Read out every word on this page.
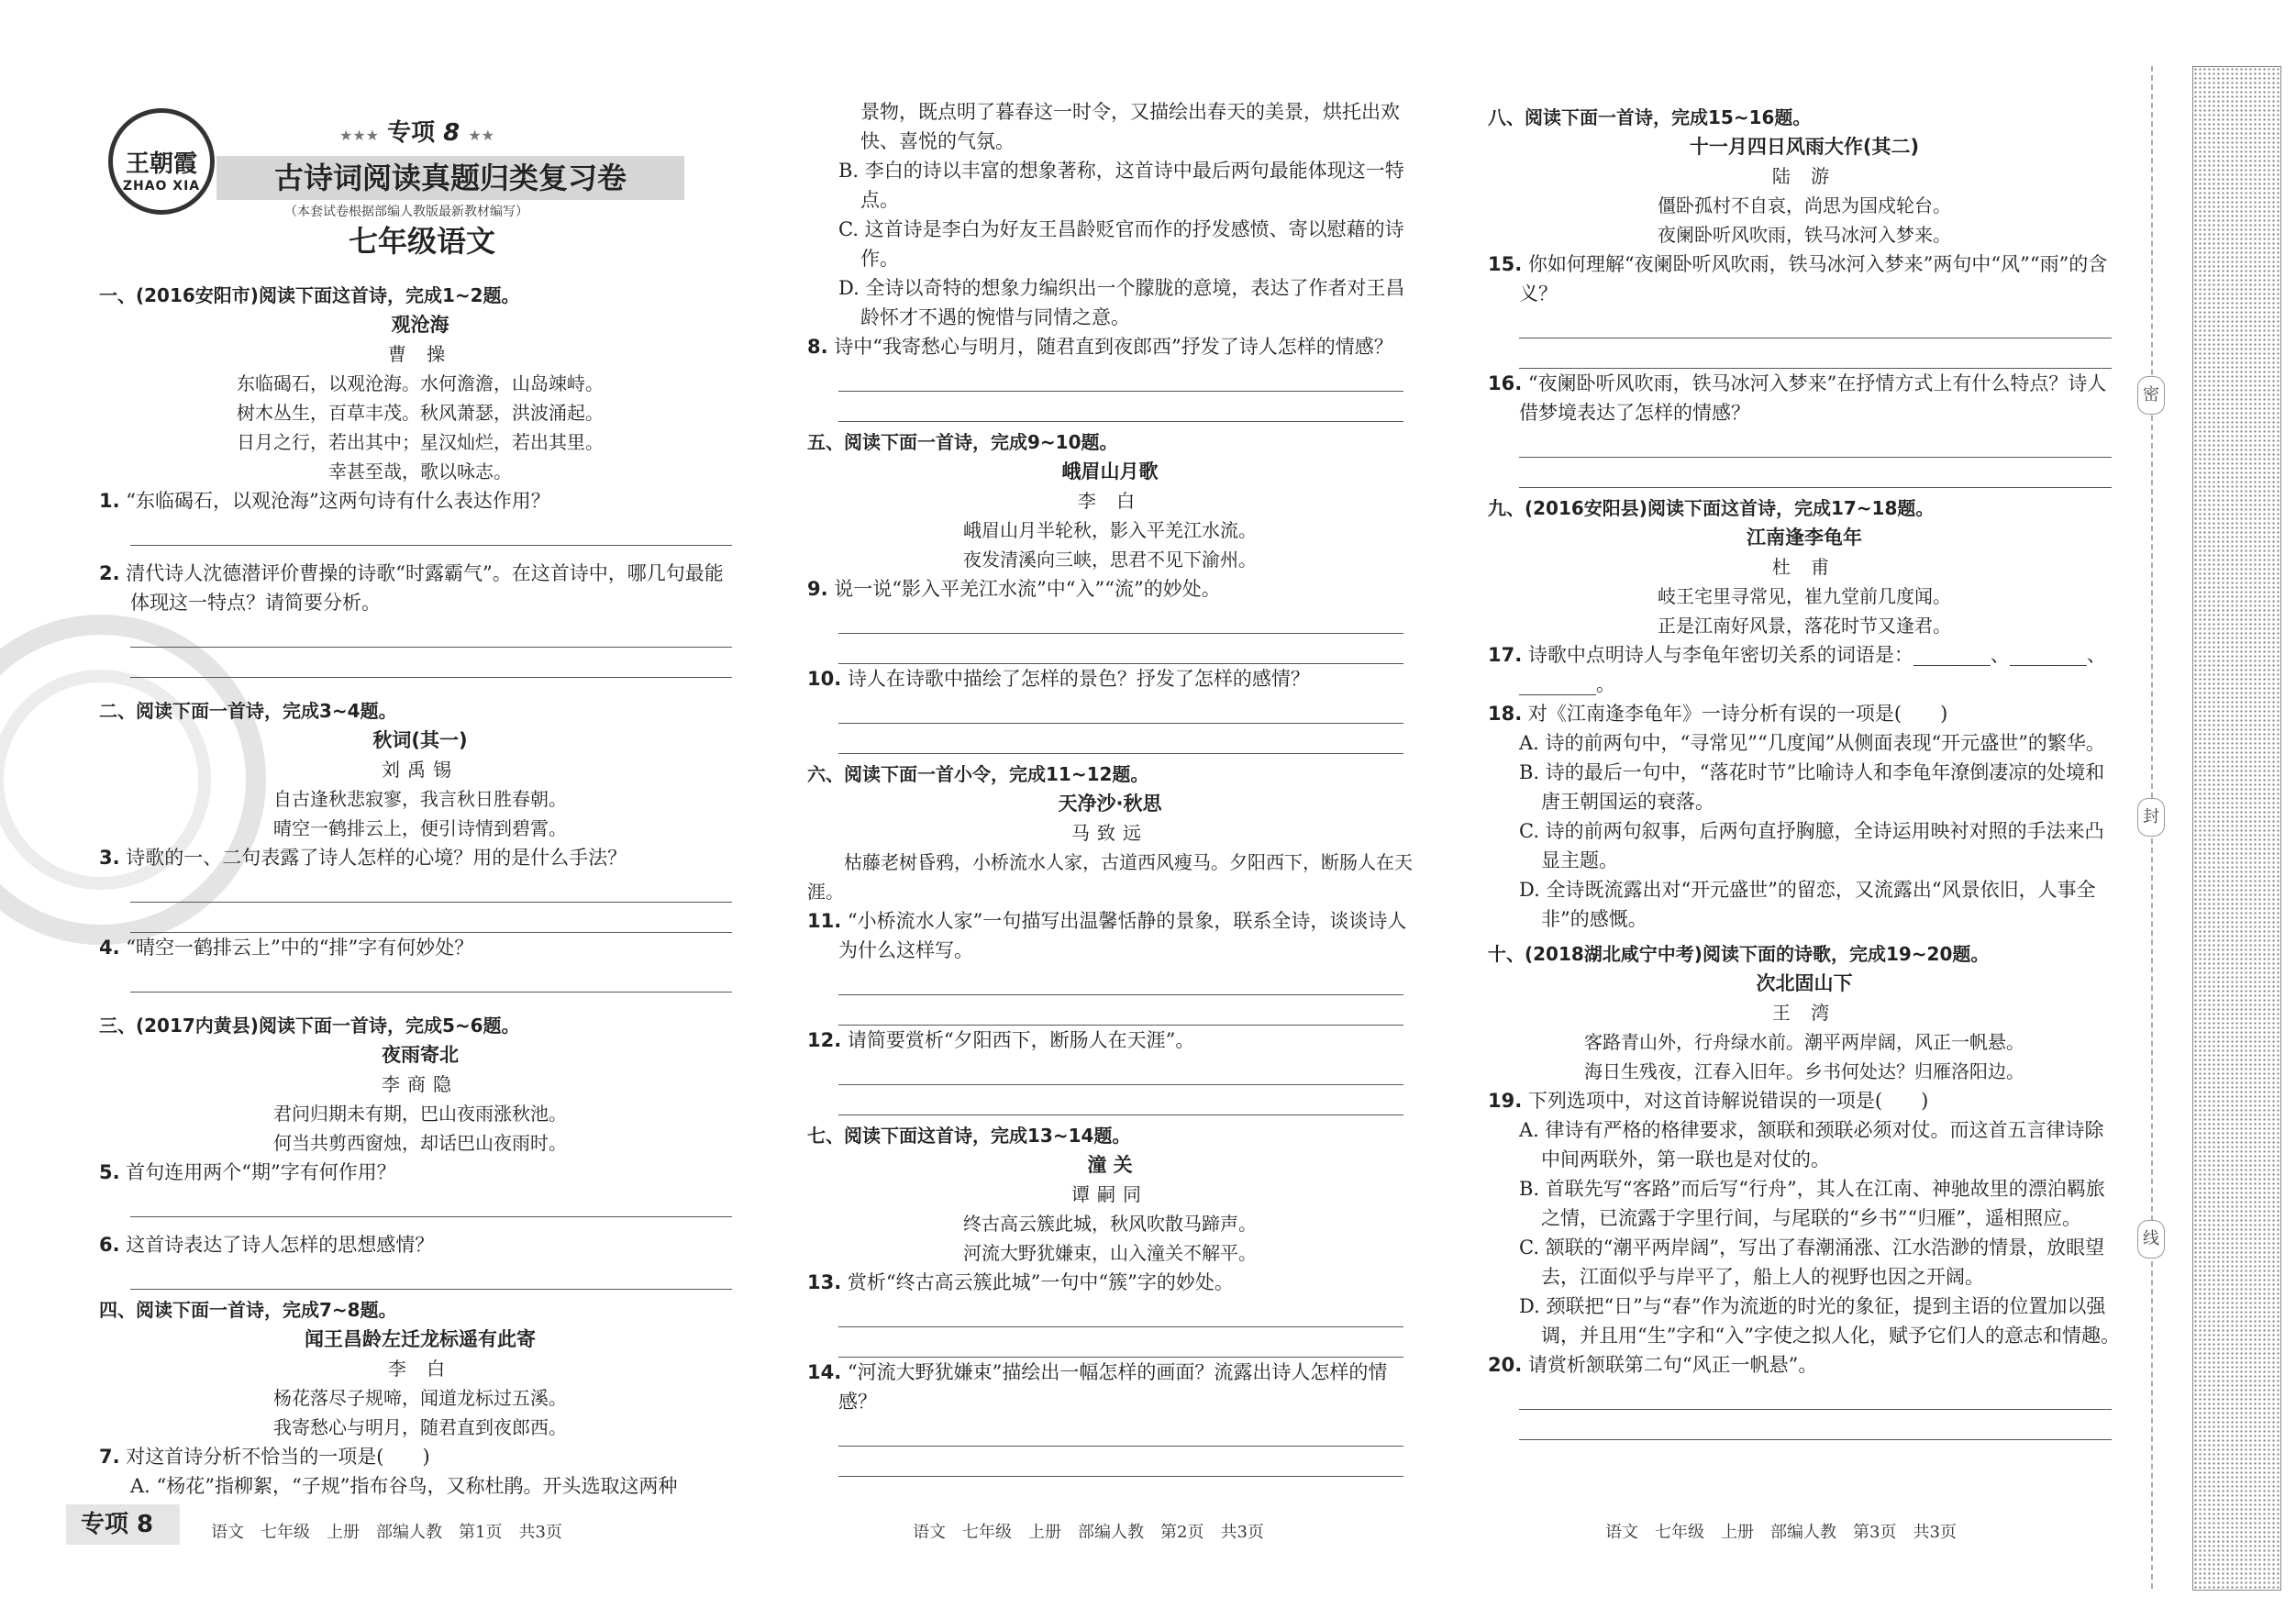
王朝霞
ZHAO XIA
★★★ 专项 8 ★★
古诗词阅读真题归类复习卷
（本套试卷根据部编人教版最新教材编写）
七年级语文
一、(2016安阳市)阅读下面这首诗，完成1~2题。
观沧海
曹 操
东临碣石，以观沧海。水何澹澹，山岛竦峙。
树木丛生，百草丰茂。秋风萧瑟，洪波涌起。
日月之行，若出其中；星汉灿烂，若出其里。
幸甚至哉，歌以咏志。
1. “东临碣石，以观沧海”这两句诗有什么表达作用？
2. 清代诗人沈德潜评价曹操的诗歌“时露霸气”。在这首诗中，哪几句最能体现这一特点？请简要分析。
二、阅读下面一首诗，完成3~4题。
秋词(其一)
刘禹锡
自古逢秋悲寂寥，我言秋日胜春朝。
晴空一鹤排云上，便引诗情到碧霄。
3. 诗歌的一、二句表露了诗人怎样的心境？用的是什么手法？
4. “晴空一鹤排云上”中的“排”字有何妙处？
三、(2017内黄县)阅读下面一首诗，完成5~6题。
夜雨寄北
李商隐
君问归期未有期，巴山夜雨涨秋池。
何当共剪西窗烛，却话巴山夜雨时。
5. 首句连用两个“期”字有何作用？
6. 这首诗表达了诗人怎样的思想感情？
四、阅读下面一首诗，完成7~8题。
闻王昌龄左迁龙标遥有此寄
李 白
杨花落尽子规啼，闻道龙标过五溪。
我寄愁心与明月，随君直到夜郎西。
7. 对这首诗分析不恰当的一项是(　　)
A. “杨花”指柳絮，“子规”指布谷鸟，又称杜鹃。开头选取这两种
景物，既点明了暮春这一时令，又描绘出春天的美景，烘托出欢快、喜悦的气氛。
B. 李白的诗以丰富的想象著称，这首诗中最后两句最能体现这一特点。
C. 这首诗是李白为好友王昌龄贬官而作的抒发感愤、寄以慰藉的诗作。
D. 全诗以奇特的想象力编织出一个朦胧的意境，表达了作者对王昌龄怀才不遇的惋惜与同情之意。
8. 诗中“我寄愁心与明月，随君直到夜郎西”抒发了诗人怎样的情感？
五、阅读下面一首诗，完成9~10题。
峨眉山月歌
李 白
峨眉山月半轮秋，影入平羌江水流。
夜发清溪向三峡，思君不见下渝州。
9. 说一说“影入平羌江水流”中“入”“流”的妙处。
10. 诗人在诗歌中描绘了怎样的景色？抒发了怎样的感情？
六、阅读下面一首小令，完成11~12题。
天净沙·秋思
马致远
枯藤老树昏鸦，小桥流水人家，古道西风瘦马。夕阳西下，断肠人在天涯。
11. “小桥流水人家”一句描写出温馨恬静的景象，联系全诗，谈谈诗人为什么这样写。
12. 请简要赏析“夕阳西下，断肠人在天涯”。
七、阅读下面这首诗，完成13~14题。
潼 关
谭嗣同
终古高云簇此城，秋风吹散马蹄声。
河流大野犹嫌束，山入潼关不解平。
13. 赏析“终古高云簇此城”一句中“簇”字的妙处。
14. “河流大野犹嫌束”描绘出一幅怎样的画面？流露出诗人怎样的情感？
八、阅读下面一首诗，完成15~16题。
十一月四日风雨大作(其二)
陆 游
僵卧孤村不自哀，尚思为国戍轮台。
夜阑卧听风吹雨，铁马冰河入梦来。
15. 你如何理解“夜阑卧听风吹雨，铁马冰河入梦来”两句中“风”“雨”的含义？
16. “夜阑卧听风吹雨，铁马冰河入梦来”在抒情方式上有什么特点？诗人借梦境表达了怎样的情感？
九、(2016安阳县)阅读下面这首诗，完成17~18题。
江南逢李龟年
杜 甫
岐王宅里寻常见，崔九堂前几度闻。
正是江南好风景，落花时节又逢君。
17. 诗歌中点明诗人与李龟年密切关系的词语是：________、________、________。
18. 对《江南逢李龟年》一诗分析有误的一项是(　　)
A. 诗的前两句中，“寻常见”“几度闻”从侧面表现“开元盛世”的繁华。
B. 诗的最后一句中，“落花时节”比喻诗人和李龟年潦倒凄凉的处境和唐王朝国运的衰落。
C. 诗的前两句叙事，后两句直抒胸臆，全诗运用映衬对照的手法来凸显主题。
D. 全诗既流露出对“开元盛世”的留恋，又流露出“风景依旧，人事全非”的感慨。
十、(2018湖北咸宁中考)阅读下面的诗歌，完成19~20题。
次北固山下
王 湾
客路青山外，行舟绿水前。潮平两岸阔，风正一帆悬。
海日生残夜，江春入旧年。乡书何处达？归雁洛阳边。
19. 下列选项中，对这首诗解说错误的一项是(　　)
A. 律诗有严格的格律要求，颔联和颈联必须对仗。而这首五言律诗除中间两联外，第一联也是对仗的。
B. 首联先写“客路”而后写“行舟”，其人在江南、神驰故里的漂泊羁旅之情，已流露于字里行间，与尾联的“乡书”“归雁”，遥相照应。
C. 颔联的“潮平两岸阔”，写出了春潮涌涨、江水浩渺的情景，放眼望去，江面似乎与岸平了，船上人的视野也因之开阔。
D. 颈联把“日”与“春”作为流逝的时光的象征，提到主语的位置加以强调，并且用“生”字和“入”字使之拟人化，赋予它们人的意志和情趣。
20. 请赏析颔联第二句“风正一帆悬”。
密
封
线
专项 8	语文　七年级　上册　部编人教　第1页　共3页	语文　七年级　上册　部编人教　第2页　共3页	语文　七年级　上册　部编人教　第3页　共3页
